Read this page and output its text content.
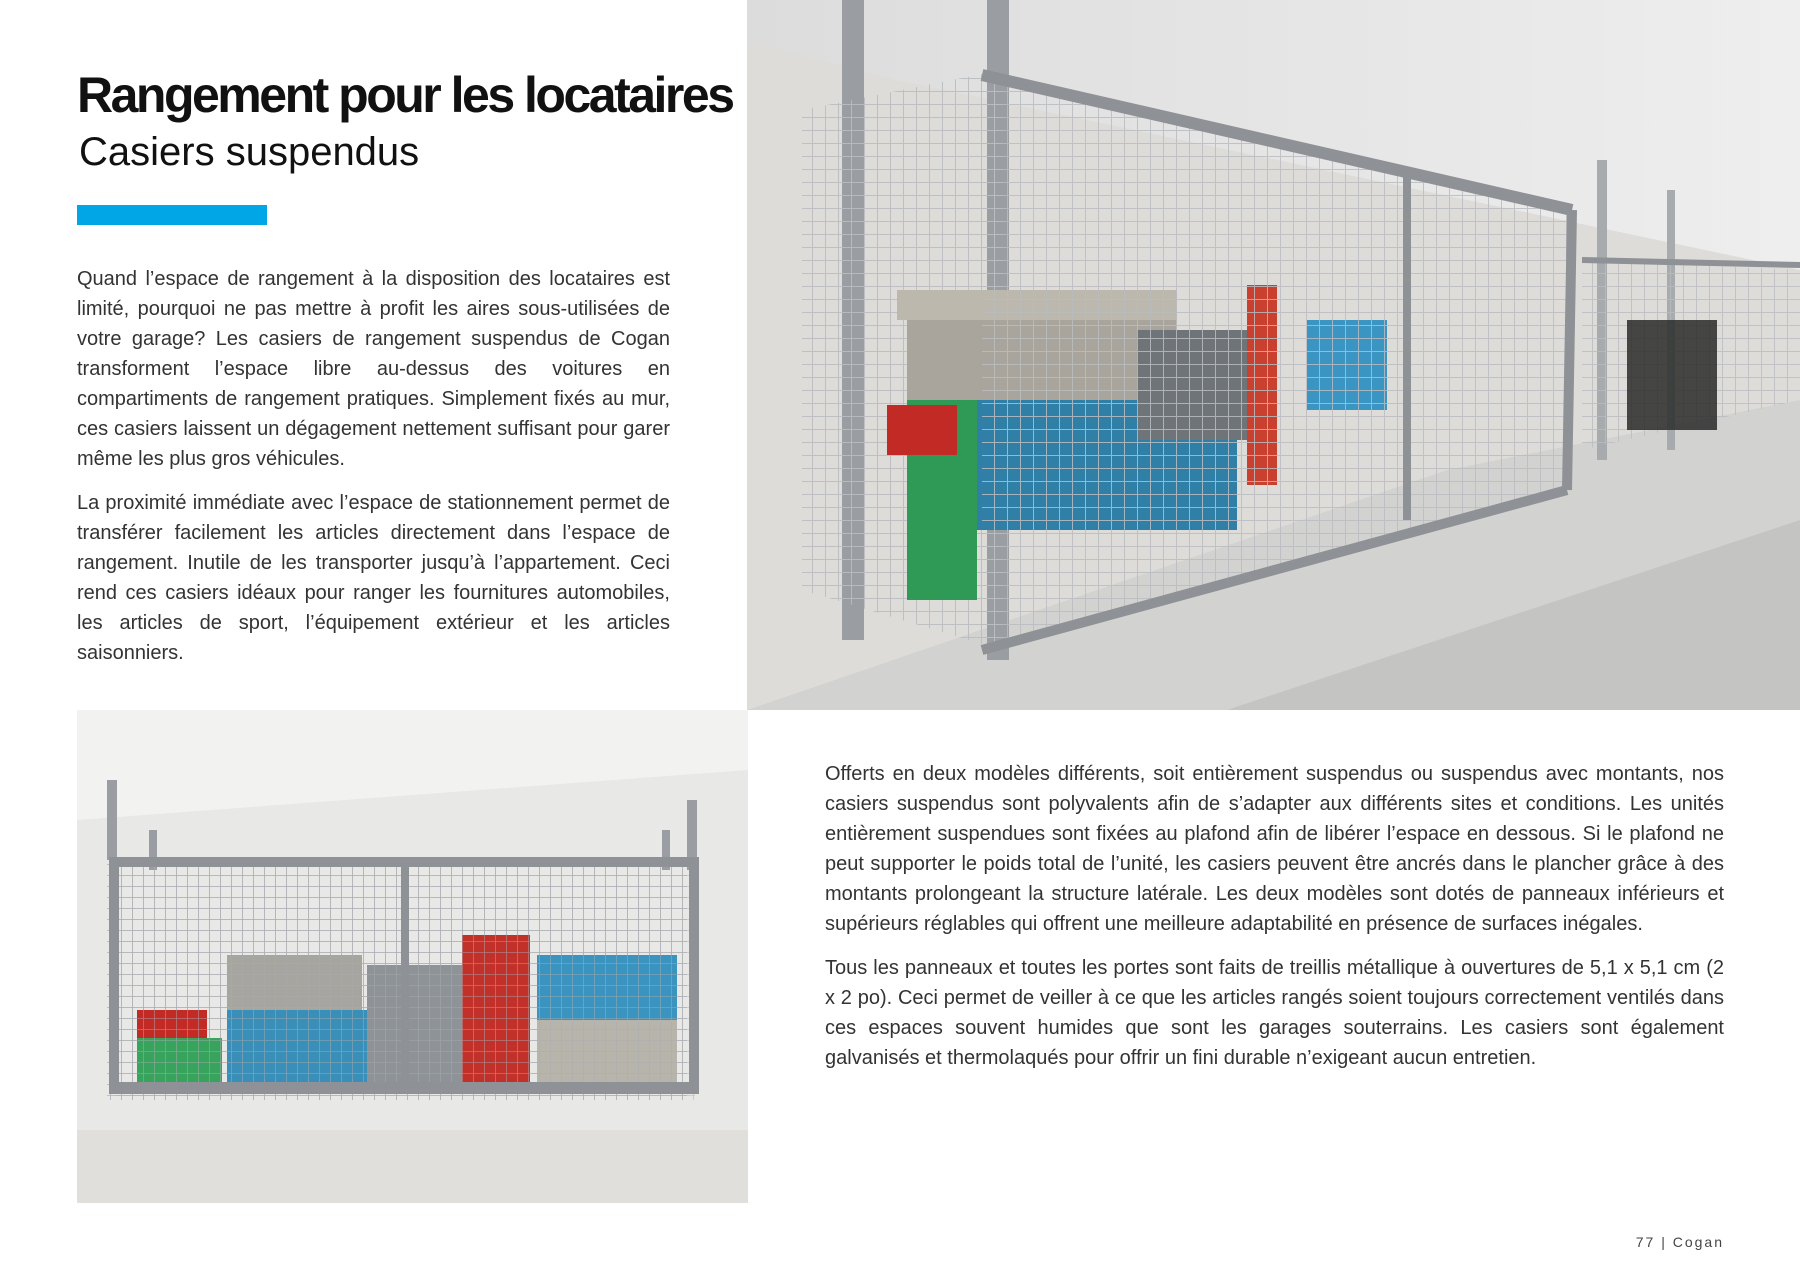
Rangement pour les locataires
Casiers suspendus

Quand l’espace de rangement à la disposition des locataires est limité, pourquoi ne pas mettre à profit les aires sous-utilisées de votre garage? Les casiers de rangement suspendus de Cogan transforment l’espace libre au-dessus des voitures en compartiments de rangement pratiques. Simplement fixés au mur, ces casiers laissent un dégagement nettement suffisant pour garer même les plus gros véhicules.

La proximité immédiate avec l’espace de stationnement permet de transférer facilement les articles directement dans l’espace de rangement. Inutile de les transporter jusqu’à l’appartement. Ceci rend ces casiers idéaux pour ranger les fournitures automobiles, les articles de sport, l’équipement extérieur et les articles saisonniers.

Offerts en deux modèles différents, soit entièrement suspendus ou suspendus avec montants, nos casiers suspendus sont polyvalents afin de s’adapter aux différents sites et conditions. Les unités entièrement suspendues sont fixées au plafond afin de libérer l’espace en dessous. Si le plafond ne peut supporter le poids total de l’unité, les casiers peuvent être ancrés dans le plancher grâce à des montants prolongeant la structure latérale. Les deux modèles sont dotés de panneaux inférieurs et supérieurs réglables qui offrent une meilleure adaptabilité en présence de surfaces inégales.

Tous les panneaux et toutes les portes sont faits de treillis métallique à ouvertures de 5,1 x 5,1 cm (2 x 2 po). Ceci permet de veiller à ce que les articles rangés soient toujours correctement ventilés dans ces espaces souvent humides que sont les garages souterrains. Les casiers sont également galvanisés et thermolaqués pour offrir un fini durable n’exigeant aucun entretien.

77 | Cogan
